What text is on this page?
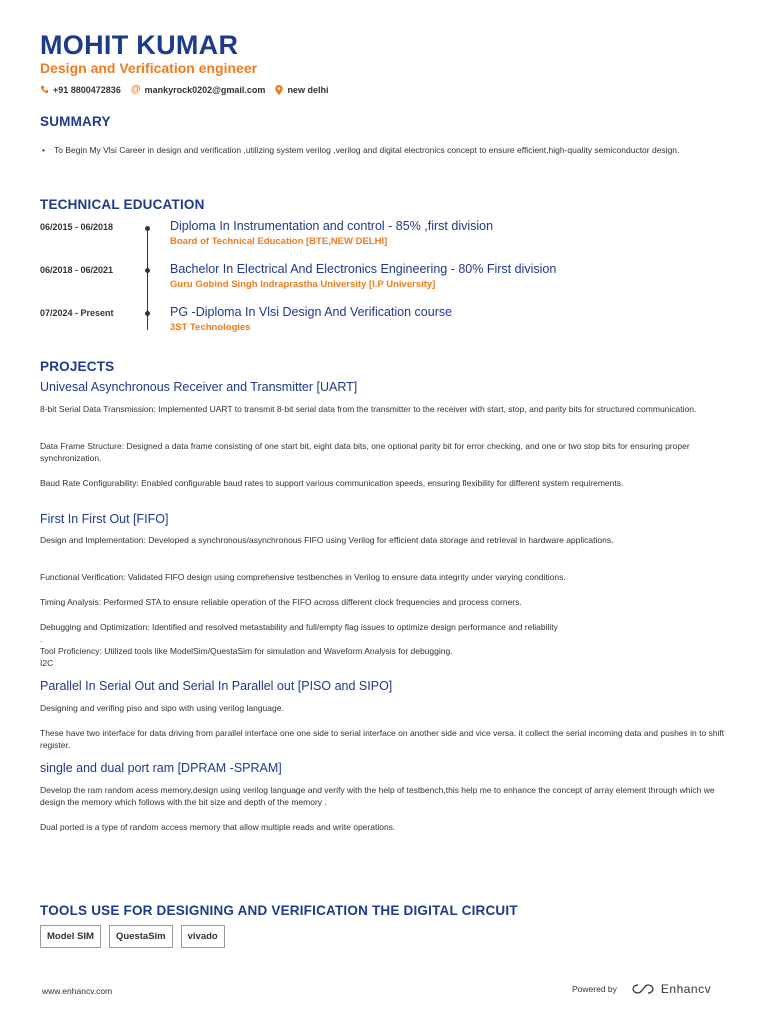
MOHIT KUMAR
Design and Verification engineer
+91 8800472836 @ mankyrock0202@gmail.com new delhi
SUMMARY
• To Begin My Vlsi Career in design and verification ,utilizing system verilog ,verilog and digital electronics concept to ensure efficient,high-quality semiconductor design.
TECHNICAL EDUCATION
06/2015 - 06/2018	Diploma In Instrumentation and control - 85% ,first division
Board of Technical Education [BTE,NEW DELHI]
06/2018 - 06/2021	Bachelor In Electrical And Electronics Engineering - 80% First division
Guru Gobind Singh Indraprastha University [I.P University]
07/2024 - Present	PG -Diploma In Vlsi Design And Verification course
3ST Technologies
PROJECTS
Univesal Asynchronous Receiver and Transmitter [UART]
8-bit Serial Data Transmission: Implemented UART to transmit 8-bit serial data from the transmitter to the receiver with start, stop, and parity bits for structured communication.
Data Frame Structure: Designed a data frame consisting of one start bit, eight data bits, one optional parity bit for error checking, and one or two stop bits for ensuring proper synchronization.
Baud Rate Configurability: Enabled configurable baud rates to support various communication speeds, ensuring flexibility for different system requirements.
First In First Out [FIFO]
Design and Implementation: Developed a synchronous/asynchronous FIFO using Verilog for efficient data storage and retrieval in hardware applications.
Functional Verification: Validated FIFO design using comprehensive testbenches in Verilog to ensure data integrity under varying conditions.
Timing Analysis: Performed STA to ensure reliable operation of the FIFO across different clock frequencies and process corners.
Debugging and Optimization: Identified and resolved metastability and full/empty flag issues to optimize design performance and reliability
.
Tool Proficiency: Utilized tools like ModelSim/QuestaSim for simulation and Waveform Analysis for debugging.
I2C
Parallel In Serial Out and Serial In Parallel out [PISO and SIPO]
Designing and verifing piso and sipo with using verilog language.
These have two interface for data driving from parallel interface one one side to serial interface on another side and vice versa. it collect the serial incoming data and pushes in to shift register.
single and dual port ram [DPRAM -SPRAM]
Develop the ram random acess memory,design using verilog language and verify with the help of testbench,this help me to enhance the concept of array element through which we design the memory which follows with the bit size and depth of the memory .
Dual ported is a type of random access memory that allow multiple reads and write operations.
TOOLS USE FOR DESIGNING AND VERIFICATION THE DIGITAL CIRCUIT
Model SIM	QuestaSim	vivado
www.enhancv.com	Powered by	Enhancv
